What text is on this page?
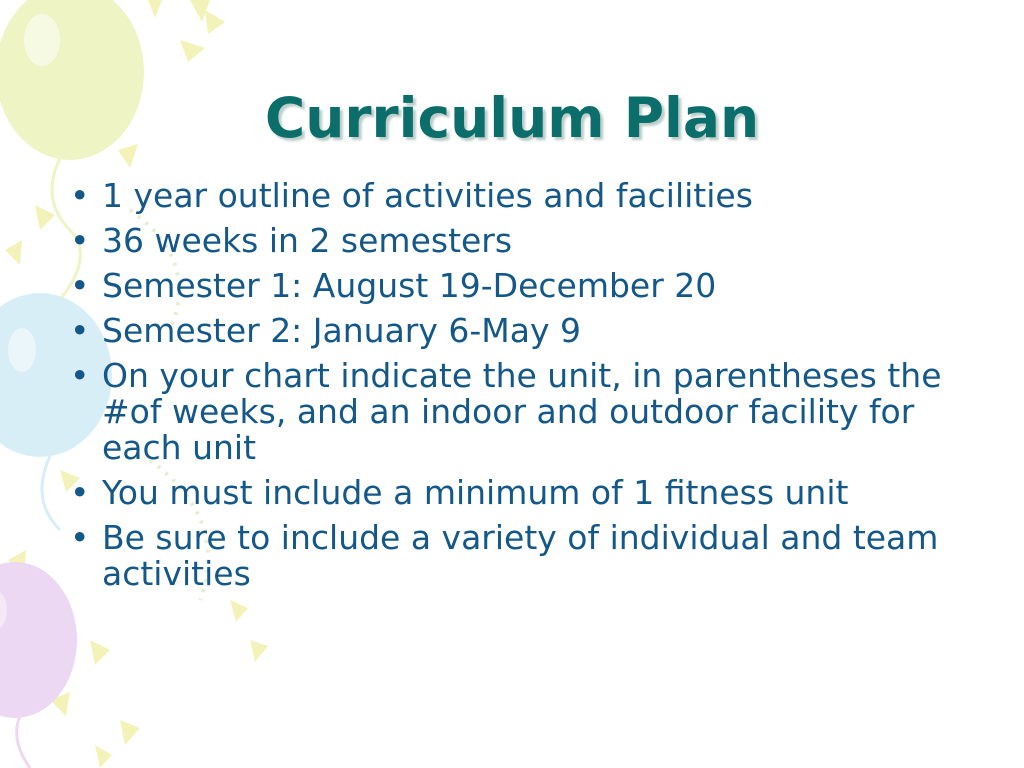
Curriculum Plan
• 1 year outline of activities and facilities
• 36 weeks in 2 semesters
• Semester 1: August 19-December 20
• Semester 2: January 6-May 9
• On your chart indicate the unit, in parentheses the #of weeks, and an indoor and outdoor facility for each unit
• You must include a minimum of 1 fitness unit
• Be sure to include a variety of individual and team activities
